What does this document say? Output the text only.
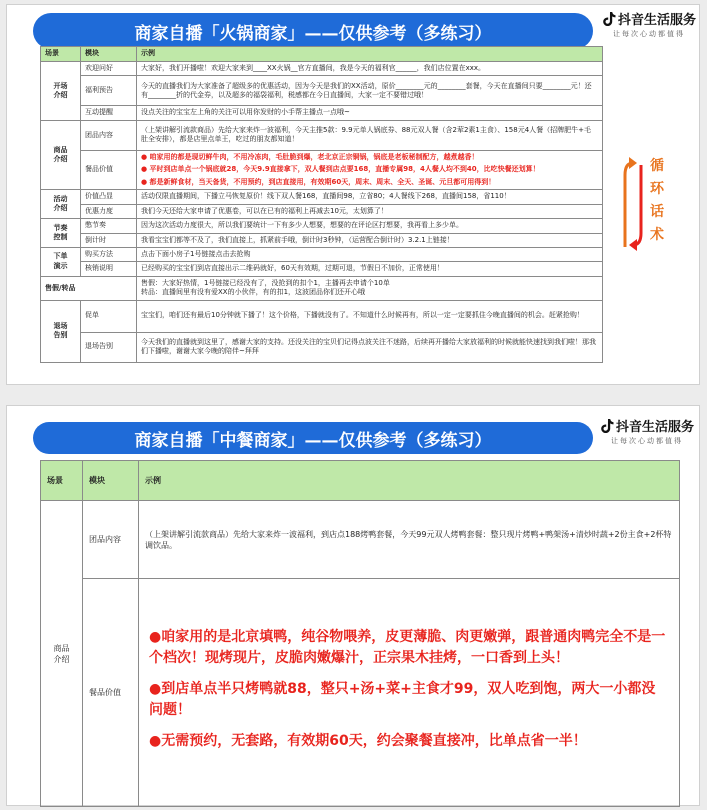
商家自播「火锅商家」——仅供参考（多练习）
抖音生活服务
让每次心动都值得
场景	模块	示例
开场
介绍	欢迎问好	大家好，我们开播啦！欢迎大家来到____XX火锅__官方直播间，我是今天的福利官______，我们店位置在xxx。
	福利预告	今天的直播我们为大家准备了超级多的优惠活动，因为今天是我们的XX活动，原价________元的________套餐，今天在直播间只要________元！还有________折的代金券，以及超多的福袋福利，税感都在今日直播间，大家一定不要错过哦！
	互动提醒	没点关注的宝宝左上角的关注可以用你发财的小手帮主播点一点哦~
商品
介绍	团品内容	（上架讲解引流款商品）先给大家来炸一波福利，今天主推5款：9.9元单人锅底券、88元双人餐（含2荤2素1主食）、158元4人餐（招牌肥牛+毛肚全安排），都是店里点单王，吃过的朋友都知道！
	餐品价值	● 咱家用的都是现切鲜牛肉，不用冷冻肉，毛肚脆到爆，老北京正宗铜锅，锅底是老板秘制配方，越煮越香！
● 平时到店单点一个锅底就28，今天9.9直接拿下，双人餐到店点要168，直播专属98，4人餐人均不到40，比吃快餐还划算！
● 都是新鲜食材，当天备货，不用预约，到店直接用，有效期60天，周末、周末、全天、圣诞、元旦都可用得到！

活动
介绍	价值凸显	活动仅限直播期间，下播立马恢复原价！线下双人餐168，直播间98，立省80；4人餐线下268，直播间158，省110！
	优惠力度	我们今天还给大家申请了优惠卷，可以在已有的福利上再减去10元，太划算了！
节奏
控制	憋节奏	因为这次活动力度很大，所以我们要统计一下有多少人想要，想要的在评论区打想要，我再看上多少单。
	倒计时	我看宝宝们都等不及了，我们直接上，抓紧前手哦，倒计时3秒钟，（运营配合倒计时）3.2.1上链接！
下单
演示	购买方法	点击下面小房子1号链接点击去抢购
	核销说明	已经购买的宝宝们到店直接出示二维码就好，60天有效期，过期可退，节假日不加价，正常使用！
售假/转品		售假：大家好热情，1号链接已经没有了，没抢到的扣个1，主播再去申请个10单
转品：直播间里有没有爱XX的小伙伴，有的扣1，这波团品你们还开心哦
退场
告别	促单	宝宝们，咱们还有最后10分钟就下播了！这个价格，下播就没有了。不知道什么时候再有，所以一定一定要抓住今晚直播间的机会。赶紧抢购！
	退场告别	今天我们的直播就到这里了，感谢大家的支持。还没关注的宝贝们记得点波关注不迷路，后续再开播给大家放福利的时候就能快速找到我们啦！那我们下播啦，谢谢大家今晚的陪伴~拜拜
循
环
话
术
商家自播「中餐商家」——仅供参考（多练习）
抖音生活服务
让每次心动都值得
场景	模块	示例
商品
介绍	团品内容	（上架讲解引流款商品）先给大家来炸一波福利，到店点188烤鸭套餐，今天99元双人烤鸭套餐：整只现片烤鸭+鸭架汤+清炒时蔬+2份主食+2杯特调饮品。
	餐品价值	●咱家用的是北京填鸭，纯谷物喂养，皮更薄脆、肉更嫩弹，跟普通肉鸭完全不是一个档次！现烤现片，皮脆肉嫩爆汁，正宗果木挂烤，一口香到上头！
●到店单点半只烤鸭就88，整只+汤+菜+主食才99，双人吃到饱，两大一小都没问题！
●无需预约，无套路，有效期60天，约会聚餐直接冲，比单点省一半！
